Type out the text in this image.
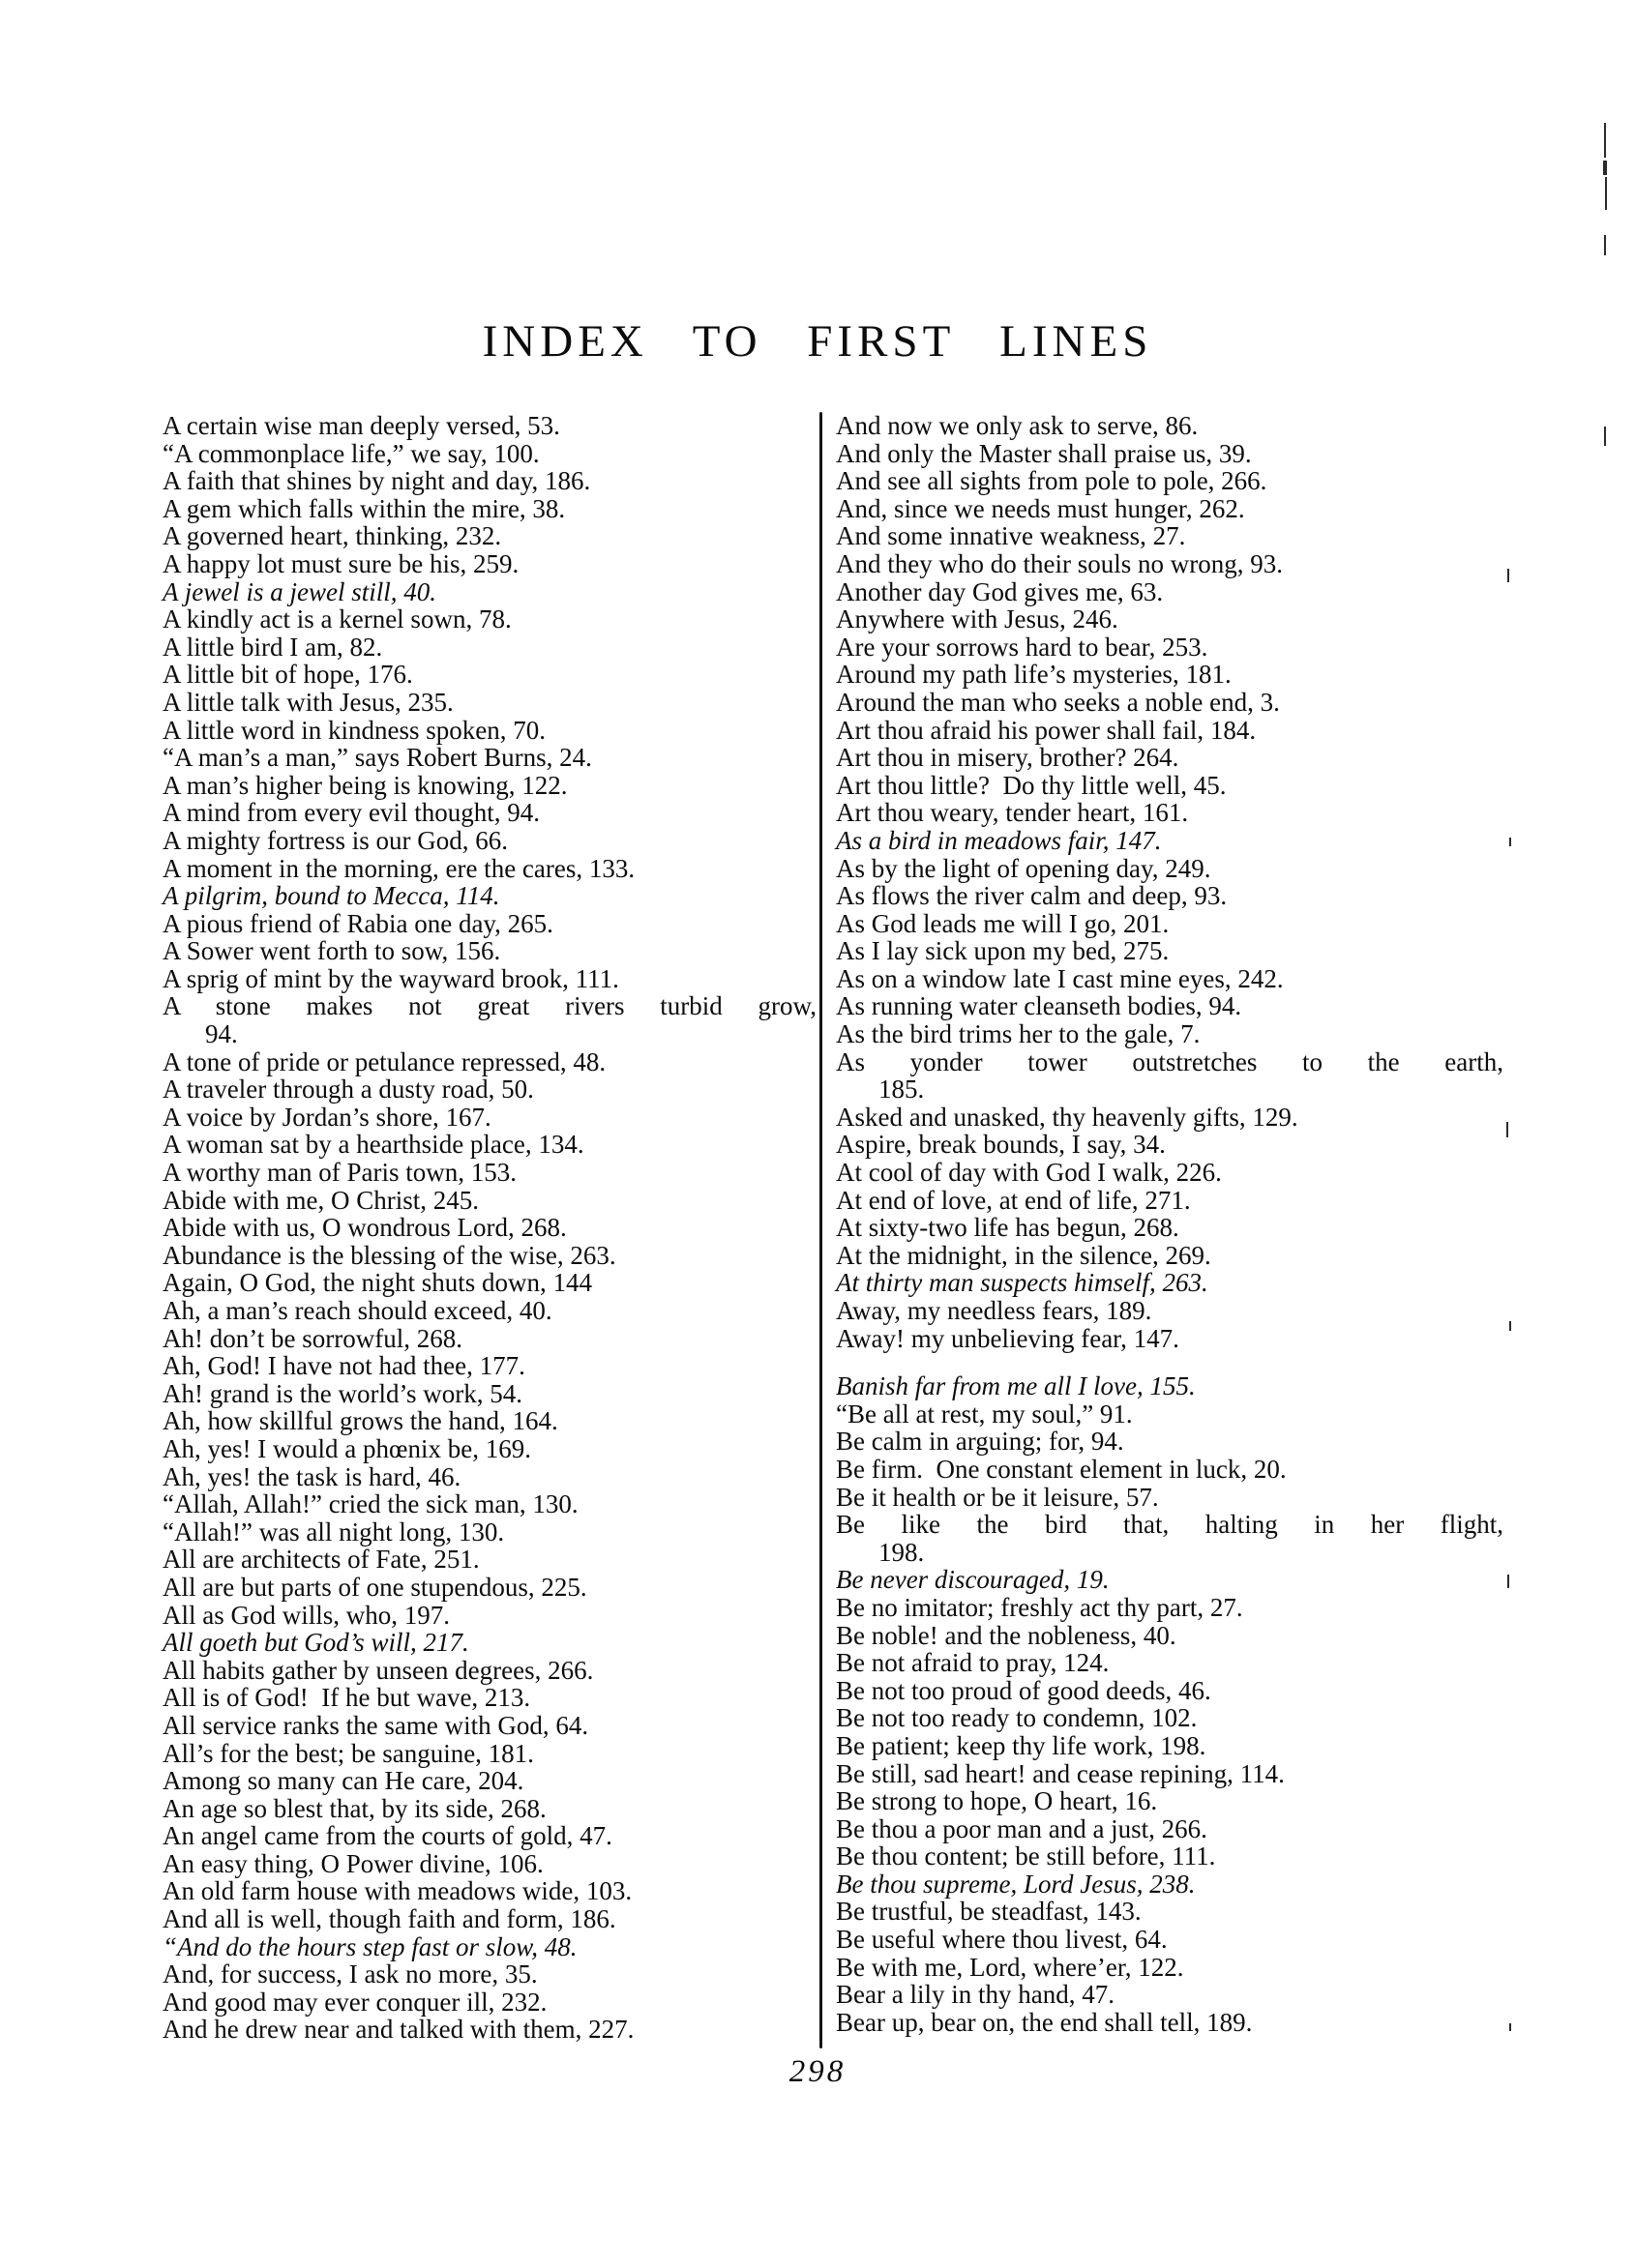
INDEX TO FIRST LINES
A certain wise man deeply versed, 53.
“A commonplace life,” we say, 100.
A faith that shines by night and day, 186.
A gem which falls within the mire, 38.
A governed heart, thinking, 232.
A happy lot must sure be his, 259.
A jewel is a jewel still, 40.
A kindly act is a kernel sown, 78.
A little bird I am, 82.
A little bit of hope, 176.
A little talk with Jesus, 235.
A little word in kindness spoken, 70.
“A man’s a man,” says Robert Burns, 24.
A man’s higher being is knowing, 122.
A mind from every evil thought, 94.
A mighty fortress is our God, 66.
A moment in the morning, ere the cares, 133.
A pilgrim, bound to Mecca, 114.
A pious friend of Rabia one day, 265.
A Sower went forth to sow, 156.
A sprig of mint by the wayward brook, 111.
A stone makes not great rivers turbid grow,
94.
A tone of pride or petulance repressed, 48.
A traveler through a dusty road, 50.
A voice by Jordan’s shore, 167.
A woman sat by a hearthside place, 134.
A worthy man of Paris town, 153.
Abide with me, O Christ, 245.
Abide with us, O wondrous Lord, 268.
Abundance is the blessing of the wise, 263.
Again, O God, the night shuts down, 144
Ah, a man’s reach should exceed, 40.
Ah! don’t be sorrowful, 268.
Ah, God! I have not had thee, 177.
Ah! grand is the world’s work, 54.
Ah, how skillful grows the hand, 164.
Ah, yes! I would a phœnix be, 169.
Ah, yes! the task is hard, 46.
“Allah, Allah!” cried the sick man, 130.
“Allah!” was all night long, 130.
All are architects of Fate, 251.
All are but parts of one stupendous, 225.
All as God wills, who, 197.
All goeth but God’s will, 217.
All habits gather by unseen degrees, 266.
All is of God!  If he but wave, 213.
All service ranks the same with God, 64.
All’s for the best; be sanguine, 181.
Among so many can He care, 204.
An age so blest that, by its side, 268.
An angel came from the courts of gold, 47.
An easy thing, O Power divine, 106.
An old farm house with meadows wide, 103.
And all is well, though faith and form, 186.
“And do the hours step fast or slow, 48.
And, for success, I ask no more, 35.
And good may ever conquer ill, 232.
And he drew near and talked with them, 227.
And now we only ask to serve, 86.
And only the Master shall praise us, 39.
And see all sights from pole to pole, 266.
And, since we needs must hunger, 262.
And some innative weakness, 27.
And they who do their souls no wrong, 93.
Another day God gives me, 63.
Anywhere with Jesus, 246.
Are your sorrows hard to bear, 253.
Around my path life’s mysteries, 181.
Around the man who seeks a noble end, 3.
Art thou afraid his power shall fail, 184.
Art thou in misery, brother? 264.
Art thou little?  Do thy little well, 45.
Art thou weary, tender heart, 161.
As a bird in meadows fair, 147.
As by the light of opening day, 249.
As flows the river calm and deep, 93.
As God leads me will I go, 201.
As I lay sick upon my bed, 275.
As on a window late I cast mine eyes, 242.
As running water cleanseth bodies, 94.
As the bird trims her to the gale, 7.
As yonder tower outstretches to the earth,
185.
Asked and unasked, thy heavenly gifts, 129.
Aspire, break bounds, I say, 34.
At cool of day with God I walk, 226.
At end of love, at end of life, 271.
At sixty-two life has begun, 268.
At the midnight, in the silence, 269.
At thirty man suspects himself, 263.
Away, my needless fears, 189.
Away! my unbelieving fear, 147.
Banish far from me all I love, 155.
“Be all at rest, my soul,” 91.
Be calm in arguing; for, 94.
Be firm.  One constant element in luck, 20.
Be it health or be it leisure, 57.
Be like the bird that, halting in her flight,
198.
Be never discouraged, 19.
Be no imitator; freshly act thy part, 27.
Be noble! and the nobleness, 40.
Be not afraid to pray, 124.
Be not too proud of good deeds, 46.
Be not too ready to condemn, 102.
Be patient; keep thy life work, 198.
Be still, sad heart! and cease repining, 114.
Be strong to hope, O heart, 16.
Be thou a poor man and a just, 266.
Be thou content; be still before, 111.
Be thou supreme, Lord Jesus, 238.
Be trustful, be steadfast, 143.
Be useful where thou livest, 64.
Be with me, Lord, where’er, 122.
Bear a lily in thy hand, 47.
Bear up, bear on, the end shall tell, 189.
298
